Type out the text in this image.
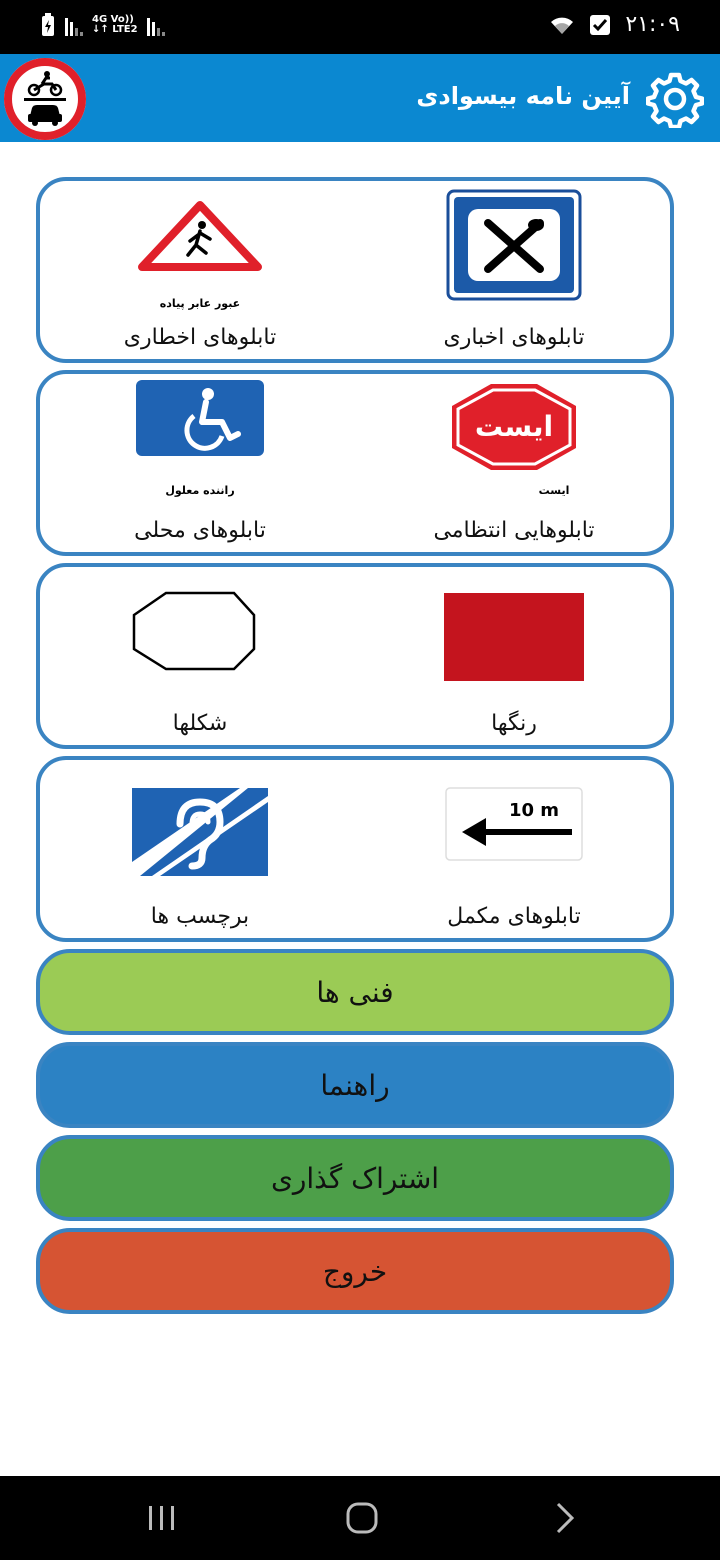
4G Vo))
↓↑ LTE2	۲۱:۰۹
آیین نامه بیسوادی
تابلوهای اخباری
عبور عابر پیاده
تابلوهای اخطاری
ایست
ایست
تابلوهایی انتظامی
راننده معلول
تابلوهای محلی
رنگها
شکلها
10 m
تابلوهای مکمل
برچسب ها
فنی ها
راهنما
اشتراک گذاری
خروج
